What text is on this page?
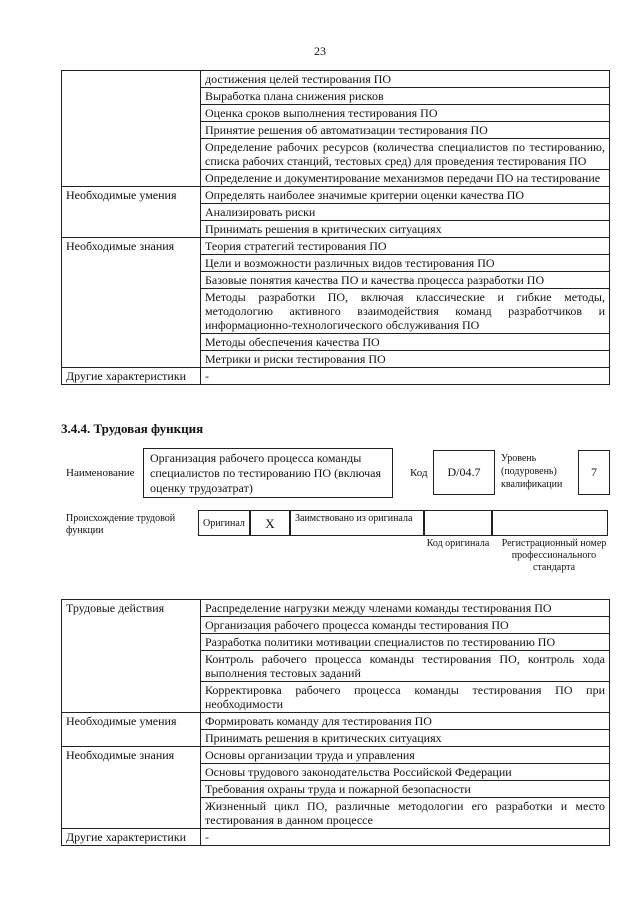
23
	достижения целей тестирования ПО
	Выработка плана снижения рисков
	Оценка сроков выполнения тестирования ПО
	Принятие решения об автоматизации тестирования ПО
	Определение рабочих ресурсов (количества специалистов по тестированию, списка рабочих станций, тестовых сред) для проведения тестирования ПО
	Определение и документирование механизмов передачи ПО на тестирование
Необходимые умения	Определять наиболее значимые критерии оценки качества ПО
	Анализировать риски
	Принимать решения в критических ситуациях
Необходимые знания	Теория стратегий тестирования ПО
	Цели и возможности различных видов тестирования ПО
	Базовые понятия качества ПО и качества процесса разработки ПО
	Методы разработки ПО, включая классические и гибкие методы, методологию активного взаимодействия команд разработчиков и информационно-технологического обслуживания ПО
	Методы обеспечения качества ПО
	Метрики и риски тестирования ПО
Другие характеристики	-
3.4.4. Трудовая функция
Наименование
Организация рабочего процесса команды специалистов по тестированию ПО (включая оценку трудозатрат)
Код	D/04.7
Уровень (подуровень) квалификации
7
Происхождение трудовой функции
Оригинал	X	Заимствовано из оригинала
Код оригинала	Регистрационный номер профессионального стандарта
Трудовые действия	Распределение нагрузки между членами команды тестирования ПО
	Организация рабочего процесса команды тестирования ПО
	Разработка политики мотивации специалистов по тестированию ПО
	Контроль рабочего процесса команды тестирования ПО, контроль хода выполнения тестовых заданий
	Корректировка рабочего процесса команды тестирования ПО при необходимости
Необходимые умения	Формировать команду для тестирования ПО
	Принимать решения в критических ситуациях
Необходимые знания	Основы организации труда и управления
	Основы трудового законодательства Российской Федерации
	Требования охраны труда и пожарной безопасности
	Жизненный цикл ПО, различные методологии его разработки и место тестирования в данном процессе
Другие характеристики	-
